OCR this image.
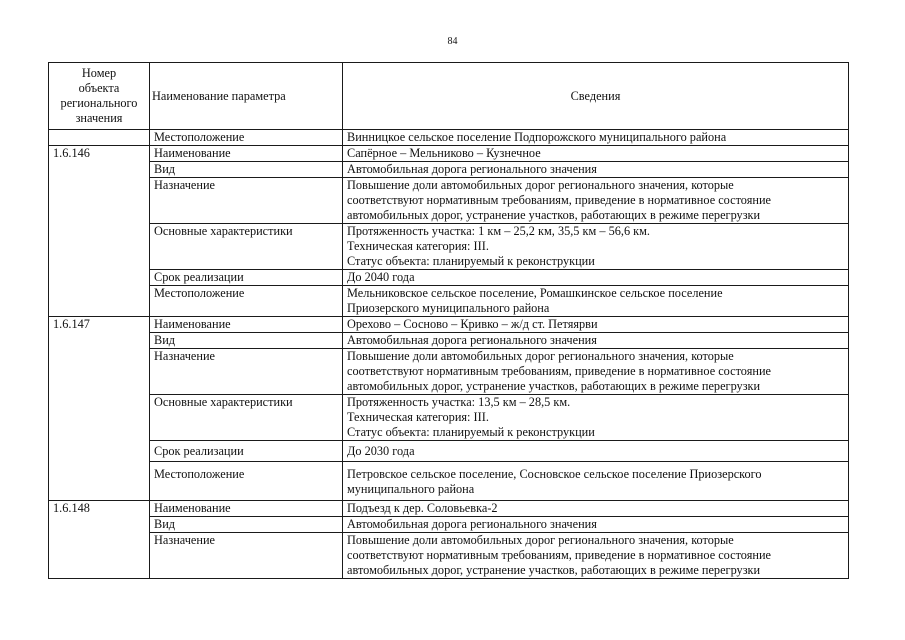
84
Номер
объекта
регионального
значения	Наименование параметра	Сведения
	Местоположение	Винницкое сельское поселение Подпорожского муниципального района
1.6.146	Наименование	Сапёрное – Мельниково – Кузнечное

	Вид	Автомобильная дорога регионального значения

	Назначение	Повышение доли автомобильных дорог регионального значения, которые
соответствуют нормативным требованиям, приведение в нормативное состояние
автомобильных дорог, устранение участков, работающих в режиме перегрузки

	Основные характеристики	Протяженность участка: 1 км – 25,2 км, 35,5 км – 56,6 км.
Техническая категория: III.
Статус объекта: планируемый к реконструкции

	Срок реализации	До 2040 года

	Местоположение	Мельниковское сельское поселение, Ромашкинское сельское поселение
Приозерского муниципального района

1.6.147	Наименование	Орехово – Сосново – Кривко – ж/д ст. Петяярви

	Вид	Автомобильная дорога регионального значения

	Назначение	Повышение доли автомобильных дорог регионального значения, которые
соответствуют нормативным требованиям, приведение в нормативное состояние
автомобильных дорог, устранение участков, работающих в режиме перегрузки

	Основные характеристики	Протяженность участка: 13,5 км – 28,5 км.
Техническая категория: III.
Статус объекта: планируемый к реконструкции

	Срок реализации	До 2030 года

	Местоположение	Петровское сельское поселение, Сосновское сельское поселение Приозерского
муниципального района

1.6.148	Наименование	Подъезд к дер. Соловьевка-2

	Вид	Автомобильная дорога регионального значения

	Назначение	Повышение доли автомобильных дорог регионального значения, которые
соответствуют нормативным требованиям, приведение в нормативное состояние
автомобильных дорог, устранение участков, работающих в режиме перегрузки
